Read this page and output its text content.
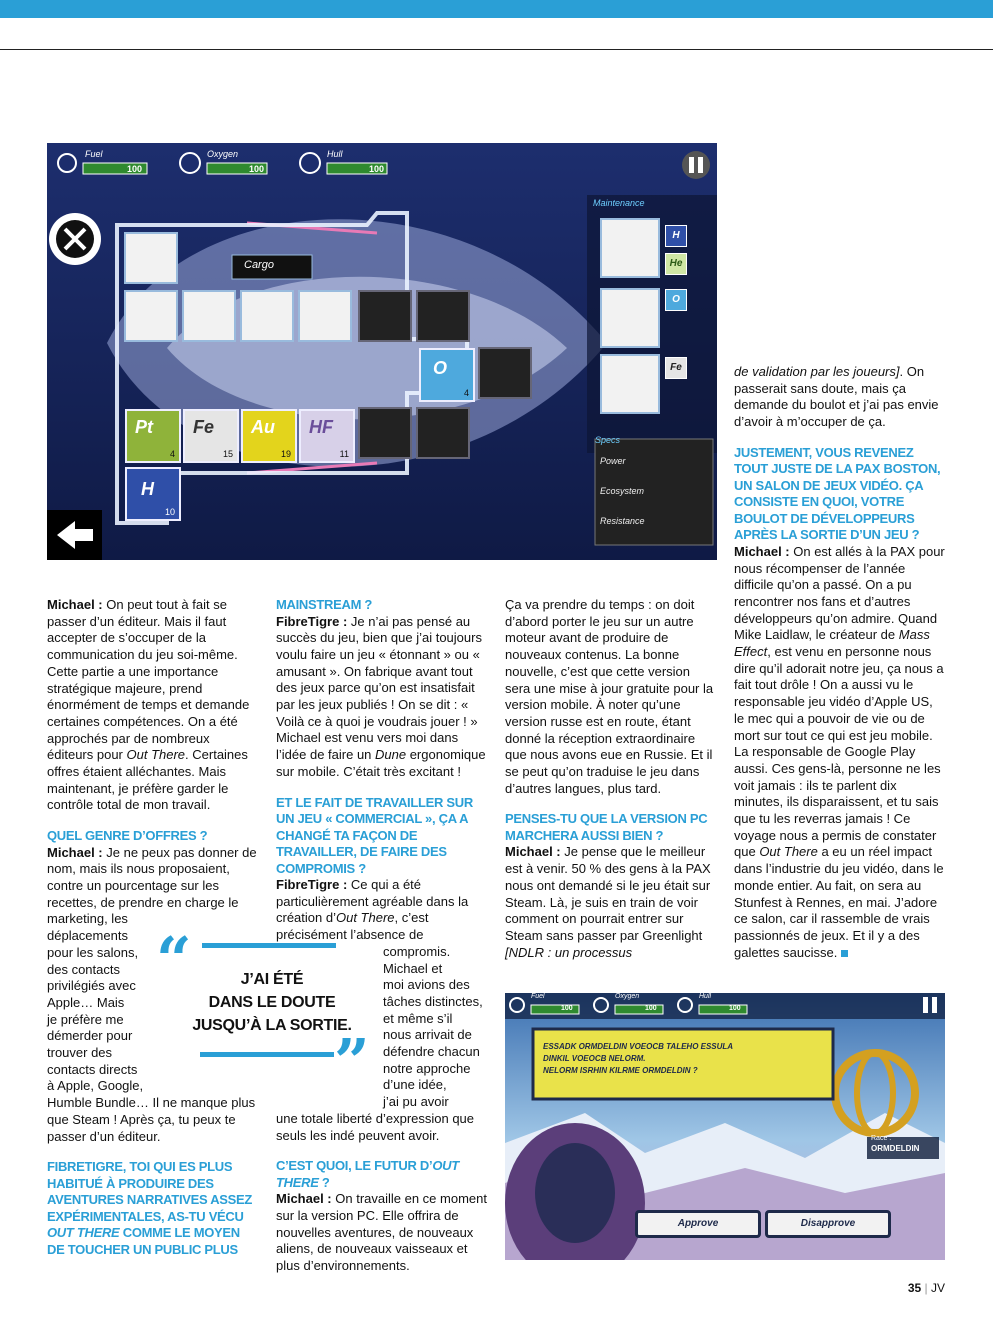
Fuel
100
Oxygen
100
Hull
100
Cargo
Maintenance
Specs
Power
Ecosystem
Resistance
Pt
4
Fe
15
Au
19
HF
11
H
10
O
4
H
He
O
Fe

Michael : On peut tout à fait se passer d’un éditeur. Mais il faut accepter de s’occuper de la communication du jeu soi-même. Cette partie a une importance stratégique majeure, prend énormément de temps et demande certaines compétences. On a été approchés par de nombreux éditeurs pour Out There. Certaines offres étaient alléchantes. Mais maintenant, je préfère garder le contrôle total de mon travail.

QUEL GENRE D’OFFRES ?

Michael : Je ne peux pas donner de nom, mais ils nous proposaient, contre un pourcentage sur les recettes, de prendre en charge le marketing, les

déplacements
pour les salons,
des contacts
privilégiés avec
Apple… Mais
je préfère me
démerder pour
trouver des
contacts directs
à Apple, Google,

Humble Bundle… Il ne manque plus que Steam ! Après ça, tu peux te passer d’un éditeur.

FIBRETIGRE, TOI QUI ES PLUS HABITUÉ À PRODUIRE DES AVENTURES NARRATIVES ASSEZ EXPÉRIMENTALES, AS-TU VÉCU OUT THERE COMME LE MOYEN DE TOUCHER UN PUBLIC PLUS

MAINSTREAM ?

FibreTigre : Je n’ai pas pensé au succès du jeu, bien que j’ai toujours voulu faire un jeu « étonnant » ou « amusant ». On fabrique avant tout des jeux parce qu’on est insatisfait par les jeux publiés ! On se dit : « Voilà ce à quoi je voudrais jouer ! » Michael est venu vers moi dans l’idée de faire un Dune ergonomique sur mobile. C’était très excitant !

ET LE FAIT DE TRAVAILLER SUR UN JEU « COMMERCIAL », ÇA A CHANGÉ TA FAÇON DE TRAVAILLER, DE FAIRE DES COMPROMIS ?

FibreTigre : Ce qui a été particulièrement agréable dans la création d’Out There, c’est précisément l’absence de

compromis.
Michael et
moi avions des
tâches distinctes,
et même s’il
nous arrivait de
défendre chacun
notre approche
d’une idée,
j’ai pu avoir

une totale liberté d’expression que seuls les indé peuvent avoir.

C’EST QUOI, LE FUTUR D’OUT THERE ?

Michael : On travaille en ce moment sur la version PC. Elle offrira de nouvelles aventures, de nouveaux aliens, de nouveaux vaisseaux et plus d’environnements.

“	J’AI ÉTÉ
DANS LE DOUTE
JUSQU’À LA SORTIE.
”

Ça va prendre du temps : on doit d’abord porter le jeu sur un autre moteur avant de produire de nouveaux contenus. La bonne nouvelle, c’est que cette version sera une mise à jour gratuite pour la version mobile. À noter qu’une version russe est en route, étant donné la réception extraordinaire que nous avons eue en Russie. Et il se peut qu’on traduise le jeu dans d’autres langues, plus tard.

PENSES-TU QUE LA VERSION PC MARCHERA AUSSI BIEN ?

Michael : Je pense que le meilleur est à venir. 50 % des gens à la PAX nous ont demandé si le jeu était sur Steam. Là, je suis en train de voir comment on pourrait entrer sur Steam sans passer par Greenlight [NDLR : un processus

de validation par les joueurs]. On passerait sans doute, mais ça demande du boulot et j’ai pas envie d’avoir à m’occuper de ça.

JUSTEMENT, VOUS REVENEZ TOUT JUSTE DE LA PAX BOSTON, UN SALON DE JEUX VIDÉO. ÇA CONSISTE EN QUOI, VOTRE BOULOT DE DÉVELOPPEURS APRÈS LA SORTIE D’UN JEU ?

Michael : On est allés à la PAX pour nous récompenser de l’année difficile qu’on a passé. On a pu rencontrer nos fans et d’autres développeurs qu’on admire. Quand Mike Laidlaw, le créateur de Mass Effect, est venu en personne nous dire qu’il adorait notre jeu, ça nous a fait tout drôle ! On a aussi vu le responsable jeu vidéo d’Apple US, le mec qui a pouvoir de vie ou de mort sur tout ce qui est jeu mobile. La responsable de Google Play aussi. Ces gens-là, personne ne les voit jamais : ils te parlent dix minutes, ils disparaissent, et tu sais que tu les reverras jamais ! Ce voyage nous a permis de constater que Out There a eu un réel impact dans l’industrie du jeu vidéo, dans le monde entier. Au fait, on sera au Stunfest à Rennes, en mai. J’adore ce salon, car il rassemble de vrais passionnés de jeux. Et il y a des galettes saucisse.

Fuel
100
Oxygen
100
Hull
100
ESSADK ORMDELDIN VOEOCB TALEHO ESSULA
DINKIL VOEOCB NELORM.
NELORM ISRHIN KILRME ORMDELDIN ?
Race :
ORMDELDIN
Approve	Disapprove
35 | JV
